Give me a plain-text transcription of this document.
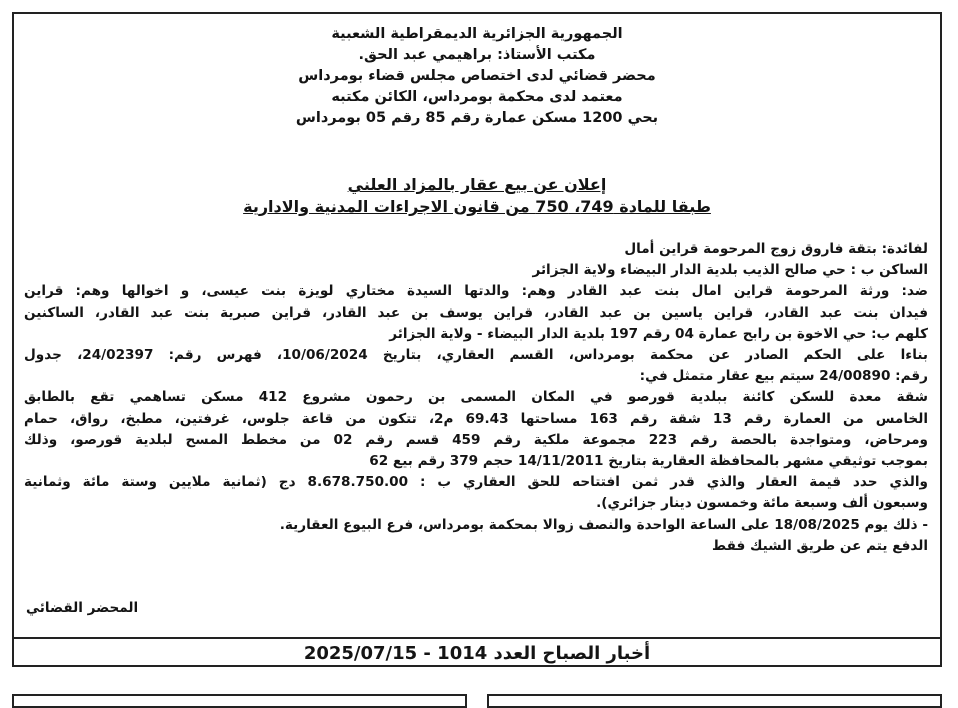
الجمهورية الجزائرية الديمقراطية الشعبية
مكتب الأستاذ: براهيمي عبد الحق.
محضر قضائي لدى اختصاص مجلس قضاء بومرداس
معتمد لدى محكمة بومرداس، الكائن مكتبه
بحي 1200 مسكن عمارة رقم 85 رقم 05 بومرداس
إعلان عن بيع عقار بالمزاد العلني
طبقا للمادة 749، 750 من قانون الاجراءات المدنية والادارية
لفائدة: بتقة فاروق زوج المرحومة قراين أمال
الساكن ب : حي صالح الذيب بلدية الدار البيضاء ولاية الجزائر
ضد: ورثة المرحومة قراين امال بنت عبد القادر وهم: والدتها السيدة مختاري لويزة بنت عيسى، و اخوالها وهم: قراين
فيدان بنت عبد القادر، قراين ياسين بن عبد القادر، قراين يوسف بن عبد القادر، قراين صبرية بنت عبد القادر، الساكنين
كلهم ب: حي الاخوة بن رابح عمارة 04 رقم 197 بلدية الدار البيضاء - ولاية الجزائر
بناءا على الحكم الصادر عن محكمة بومرداس، القسم العقاري، بتاريخ 10/06/2024، فهرس رقم: 24/02397، جدول
رقم: 24/00890 سيتم بيع عقار متمثل في:
شقة معدة للسكن كائنة ببلدية قورصو في المكان المسمى بن رحمون مشروع 412 مسكن تساهمي تقع بالطابق
الخامس من العمارة رقم 13 شقة رقم 163 مساحتها 69.43 م2، تتكون من قاعة جلوس، غرفتين، مطبخ، رواق، حمام
ومرحاض، ومتواجدة بالحصة رقم 223 مجموعة ملكية رقم 459 قسم رقم 02 من مخطط المسح لبلدية قورصو، وذلك
بموجب توثيقي مشهر بالمحافظة العقارية بتاريخ 14/11/2011 حجم 379 رقم بيع 62
والذي حدد قيمة العقار والذي قدر ثمن افتتاحه للحق العقاري ب : 8.678.750.00 دج (ثمانية ملايين وستة مائة وثمانية
وسبعون ألف وسبعة مائة وخمسون دينار جزائري).
- ذلك يوم 18/08/2025 على الساعة الواحدة والنصف زوالا بمحكمة بومرداس، فرع البيوع العقارية.
الدفع يتم عن طريق الشيك فقط
المحضر القضائي
أخبار الصباح العدد 1014 - 2025/07/15
